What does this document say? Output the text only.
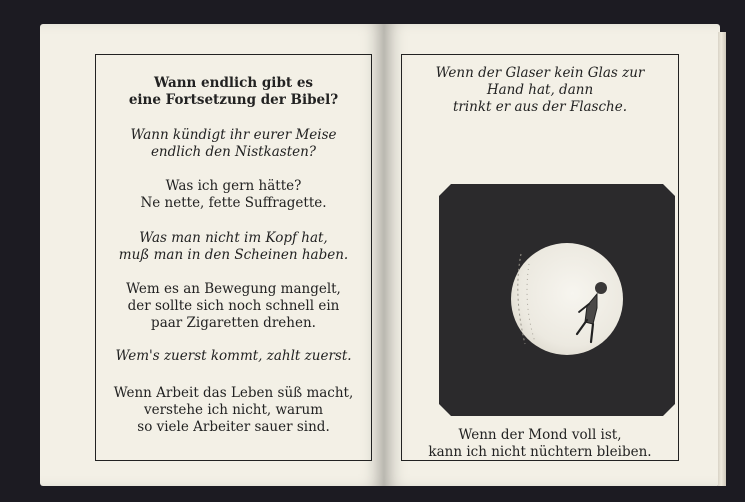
Wann endlich gibt es
eine Fortsetzung der Bibel?
Wann kündigt ihr eurer Meise
endlich den Nistkasten?
Was ich gern hätte?
Ne nette, fette Suffragette.
Was man nicht im Kopf hat,
muß man in den Scheinen haben.
Wem es an Bewegung mangelt,
der sollte sich noch schnell ein
paar Zigaretten drehen.
Wem's zuerst kommt, zahlt zuerst.
Wenn Arbeit das Leben süß macht,
verstehe ich nicht, warum
so viele Arbeiter sauer sind.
Wenn der Glaser kein Glas zur
Hand hat, dann
trinkt er aus der Flasche.
Wenn der Mond voll ist,
kann ich nicht nüchtern bleiben.
